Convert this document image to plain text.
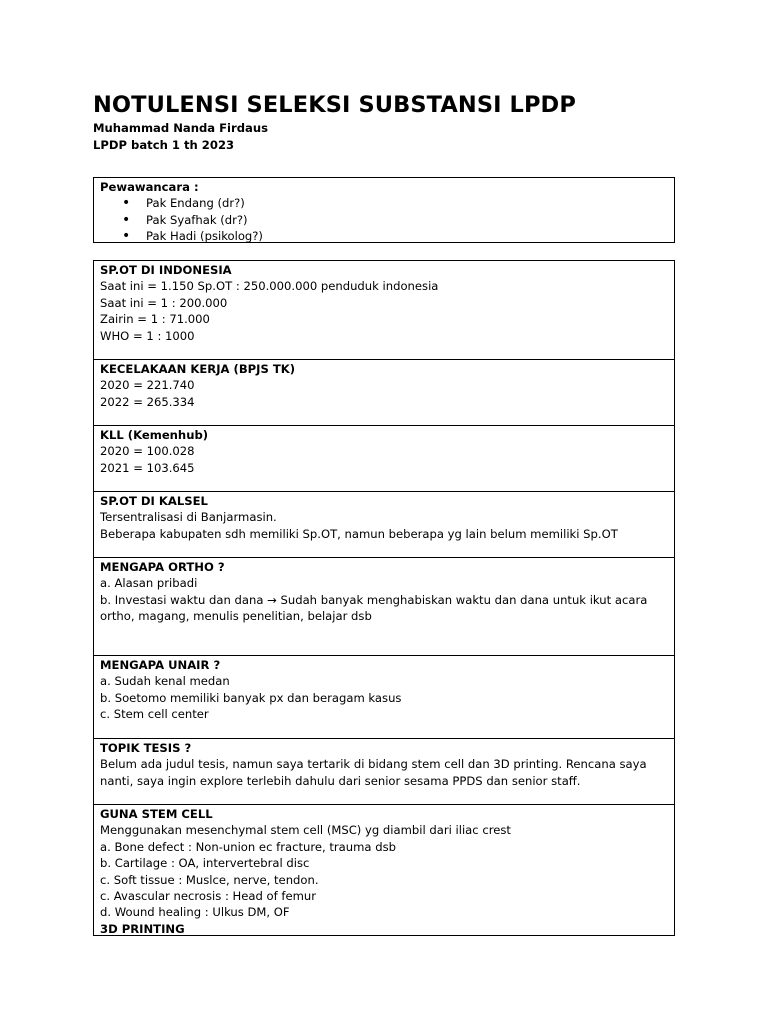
NOTULENSI SELEKSI SUBSTANSI LPDP
Muhammad Nanda Firdaus
LPDP batch 1 th 2023
Pewawancara :
• Pak Endang (dr?)
• Pak Syafhak (dr?)
• Pak Hadi (psikolog?)
SP.OT DI INDONESIA
Saat ini = 1.150 Sp.OT : 250.000.000 penduduk indonesia
Saat ini = 1 : 200.000
Zairin = 1 : 71.000
WHO = 1 : 1000
KECELAKAAN KERJA (BPJS TK)
2020 = 221.740
2022 = 265.334
KLL (Kemenhub)
2020 = 100.028
2021 = 103.645
SP.OT DI KALSEL
Tersentralisasi di Banjarmasin.
Beberapa kabupaten sdh memiliki Sp.OT, namun beberapa yg lain belum memiliki Sp.OT
MENGAPA ORTHO ?
a. Alasan pribadi
b. Investasi waktu dan dana → Sudah banyak menghabiskan waktu dan dana untuk ikut acara ortho, magang, menulis penelitian, belajar dsb
MENGAPA UNAIR ?
a. Sudah kenal medan
b. Soetomo memiliki banyak px dan beragam kasus
c. Stem cell center
TOPIK TESIS ?
Belum ada judul tesis, namun saya tertarik di bidang stem cell dan 3D printing. Rencana saya nanti, saya ingin explore terlebih dahulu dari senior sesama PPDS dan senior staff.
GUNA STEM CELL
Menggunakan mesenchymal stem cell (MSC) yg diambil dari iliac crest
a. Bone defect : Non-union ec fracture, trauma dsb
b. Cartilage : OA, intervertebral disc
c. Soft tissue : Muslce, nerve, tendon.
c. Avascular necrosis : Head of femur
d. Wound healing : Ulkus DM, OF
3D PRINTING
